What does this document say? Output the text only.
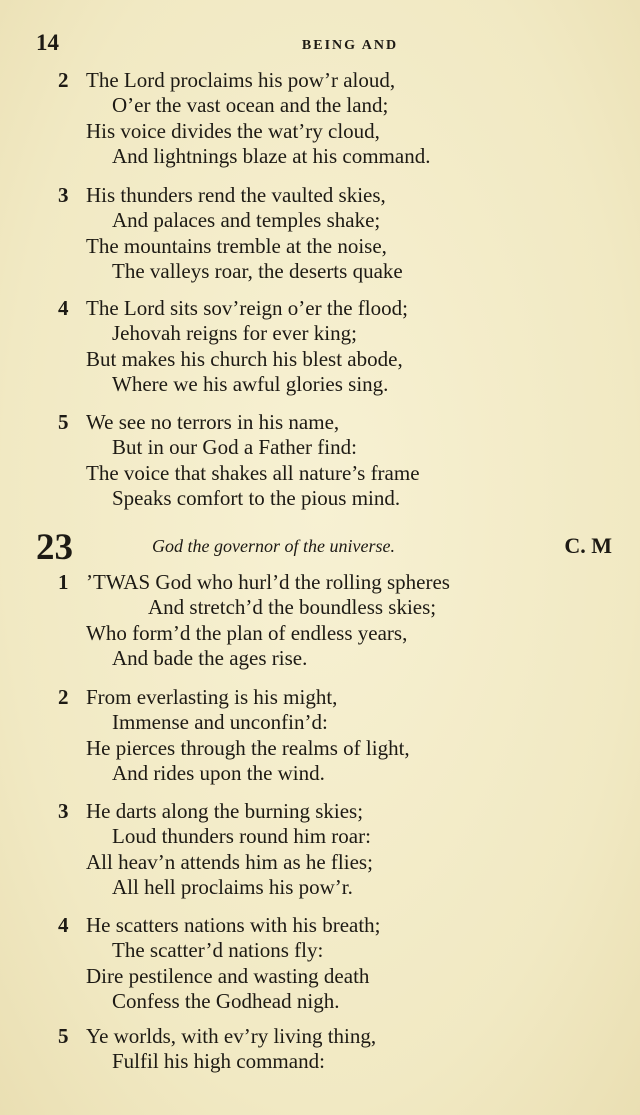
14	BEING AND
2 The Lord proclaims his pow’r aloud,
O’er the vast ocean and the land;
His voice divides the wat’ry cloud,
And lightnings blaze at his command.
3 His thunders rend the vaulted skies,
And palaces and temples shake;
The mountains tremble at the noise,
The valleys roar, the deserts quake
4 The Lord sits sov’reign o’er the flood;
Jehovah reigns for ever king;
But makes his church his blest abode,
Where we his awful glories sing.
5 We see no terrors in his name,
But in our God a Father find:
The voice that shakes all nature’s frame
Speaks comfort to the pious mind.
23	God the governor of the universe.	C. M
1 ’TWAS God who hurl’d the rolling spheres
And stretch’d the boundless skies;
Who form’d the plan of endless years,
And bade the ages rise.
2 From everlasting is his might,
Immense and unconfin’d:
He pierces through the realms of light,
And rides upon the wind.
3 He darts along the burning skies;
Loud thunders round him roar:
All heav’n attends him as he flies;
All hell proclaims his pow’r.
4 He scatters nations with his breath;
The scatter’d nations fly:
Dire pestilence and wasting death
Confess the Godhead nigh.
5 Ye worlds, with ev’ry living thing,
Fulfil his high command:
